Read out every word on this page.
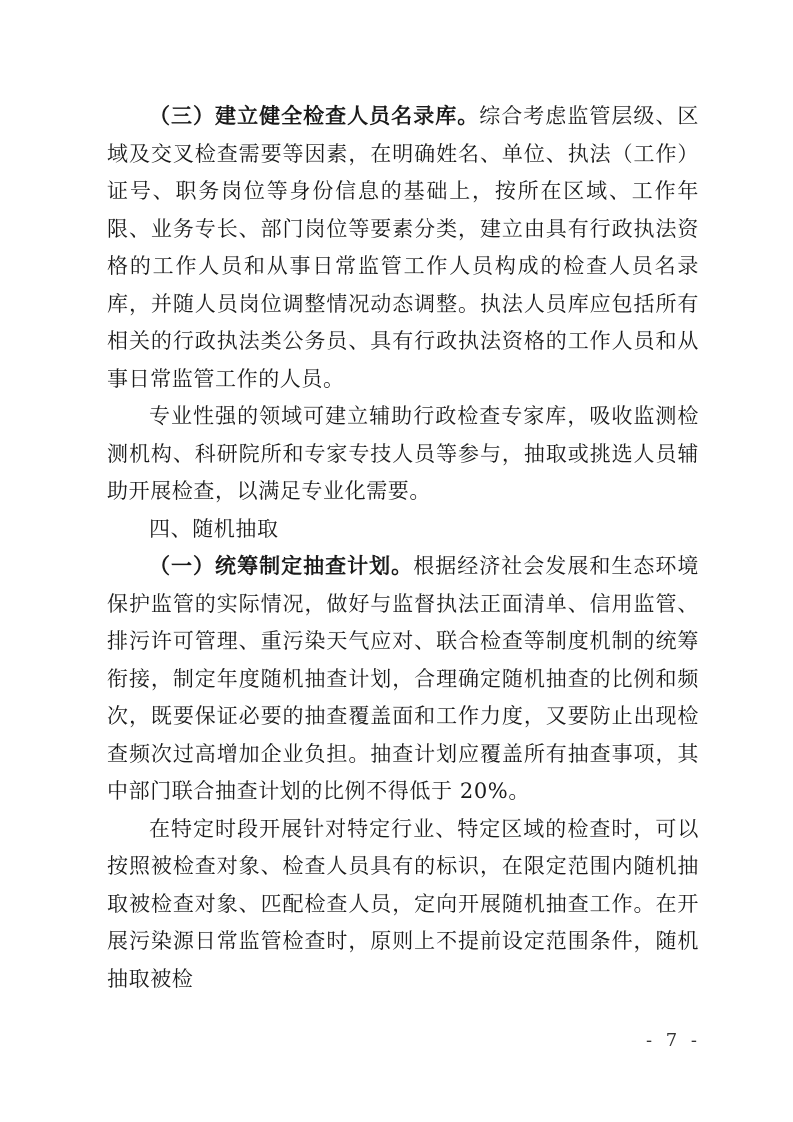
（三）建立健全检查人员名录库。综合考虑监管层级、区域及交叉检查需要等因素，在明确姓名、单位、执法（工作）证号、职务岗位等身份信息的基础上，按所在区域、工作年限、业务专长、部门岗位等要素分类，建立由具有行政执法资格的工作人员和从事日常监管工作人员构成的检查人员名录库，并随人员岗位调整情况动态调整。执法人员库应包括所有相关的行政执法类公务员、具有行政执法资格的工作人员和从事日常监管工作的人员。

专业性强的领域可建立辅助行政检查专家库，吸收监测检测机构、科研院所和专家专技人员等参与，抽取或挑选人员辅助开展检查，以满足专业化需要。

四、随机抽取

（一）统筹制定抽查计划。根据经济社会发展和生态环境保护监管的实际情况，做好与监督执法正面清单、信用监管、排污许可管理、重污染天气应对、联合检查等制度机制的统筹衔接，制定年度随机抽查计划，合理确定随机抽查的比例和频次，既要保证必要的抽查覆盖面和工作力度，又要防止出现检查频次过高增加企业负担。抽查计划应覆盖所有抽查事项，其中部门联合抽查计划的比例不得低于 20%。

在特定时段开展针对特定行业、特定区域的检查时，可以按照被检查对象、检查人员具有的标识，在限定范围内随机抽取被检查对象、匹配检查人员，定向开展随机抽查工作。在开展污染源日常监管检查时，原则上不提前设定范围条件，随机抽取被检

- 7 -
